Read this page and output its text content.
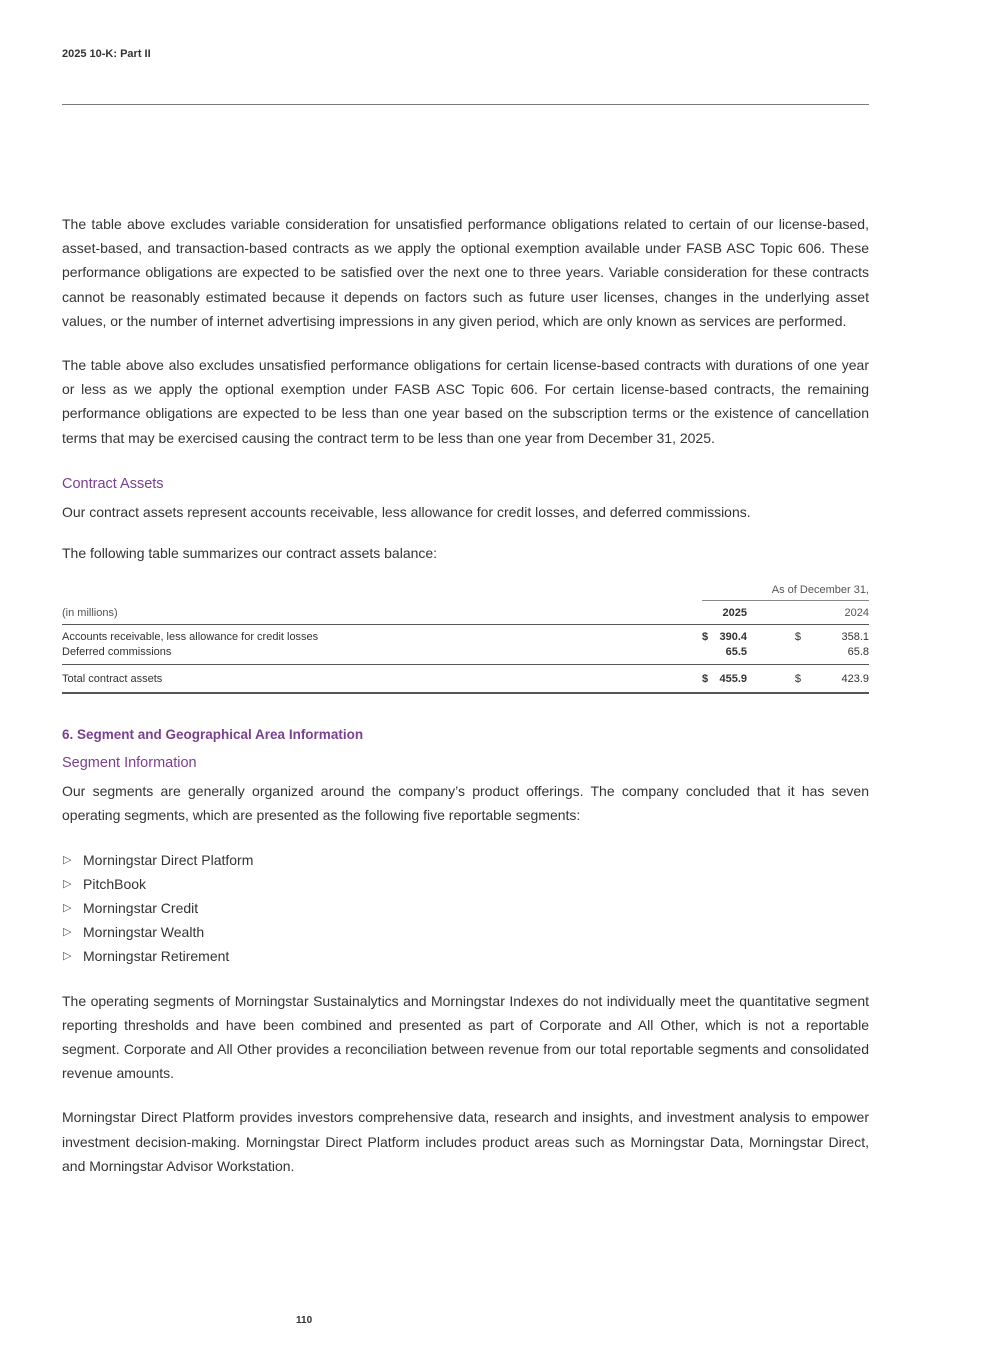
2025 10-K: Part II

The table above excludes variable consideration for unsatisfied performance obligations related to certain of our license-based, asset-based, and transaction-based contracts as we apply the optional exemption available under FASB ASC Topic 606. These performance obligations are expected to be satisfied over the next one to three years. Variable consideration for these contracts cannot be reasonably estimated because it depends on factors such as future user licenses, changes in the underlying asset values, or the number of internet advertising impressions in any given period, which are only known as services are performed.

The table above also excludes unsatisfied performance obligations for certain license-based contracts with durations of one year or less as we apply the optional exemption under FASB ASC Topic 606. For certain license-based contracts, the remaining performance obligations are expected to be less than one year based on the subscription terms or the existence of cancellation terms that may be exercised causing the contract term to be less than one year from December 31, 2025.

Contract Assets

Our contract assets represent accounts receivable, less allowance for credit losses, and deferred commissions.

The following table summarizes our contract assets balance:

	As of December 31,			
(in millions)	2025		2024	
Accounts receivable, less allowance for credit losses	$	390.4	$	358.1
Deferred commissions		65.5		65.8
Total contract assets	$	455.9	$	423.9
6. Segment and Geographical Area Information
Segment Information

Our segments are generally organized around the company’s product offerings. The company concluded that it has seven operating segments, which are presented as the following five reportable segments:

▷ Morningstar Direct Platform
▷ PitchBook
▷ Morningstar Credit
▷ Morningstar Wealth
▷ Morningstar Retirement

The operating segments of Morningstar Sustainalytics and Morningstar Indexes do not individually meet the quantitative segment reporting thresholds and have been combined and presented as part of Corporate and All Other, which is not a reportable segment. Corporate and All Other provides a reconciliation between revenue from our total reportable segments and consolidated revenue amounts.

Morningstar Direct Platform provides investors comprehensive data, research and insights, and investment analysis to empower investment decision-making. Morningstar Direct Platform includes product areas such as Morningstar Data, Morningstar Direct, and Morningstar Advisor Workstation.

110
